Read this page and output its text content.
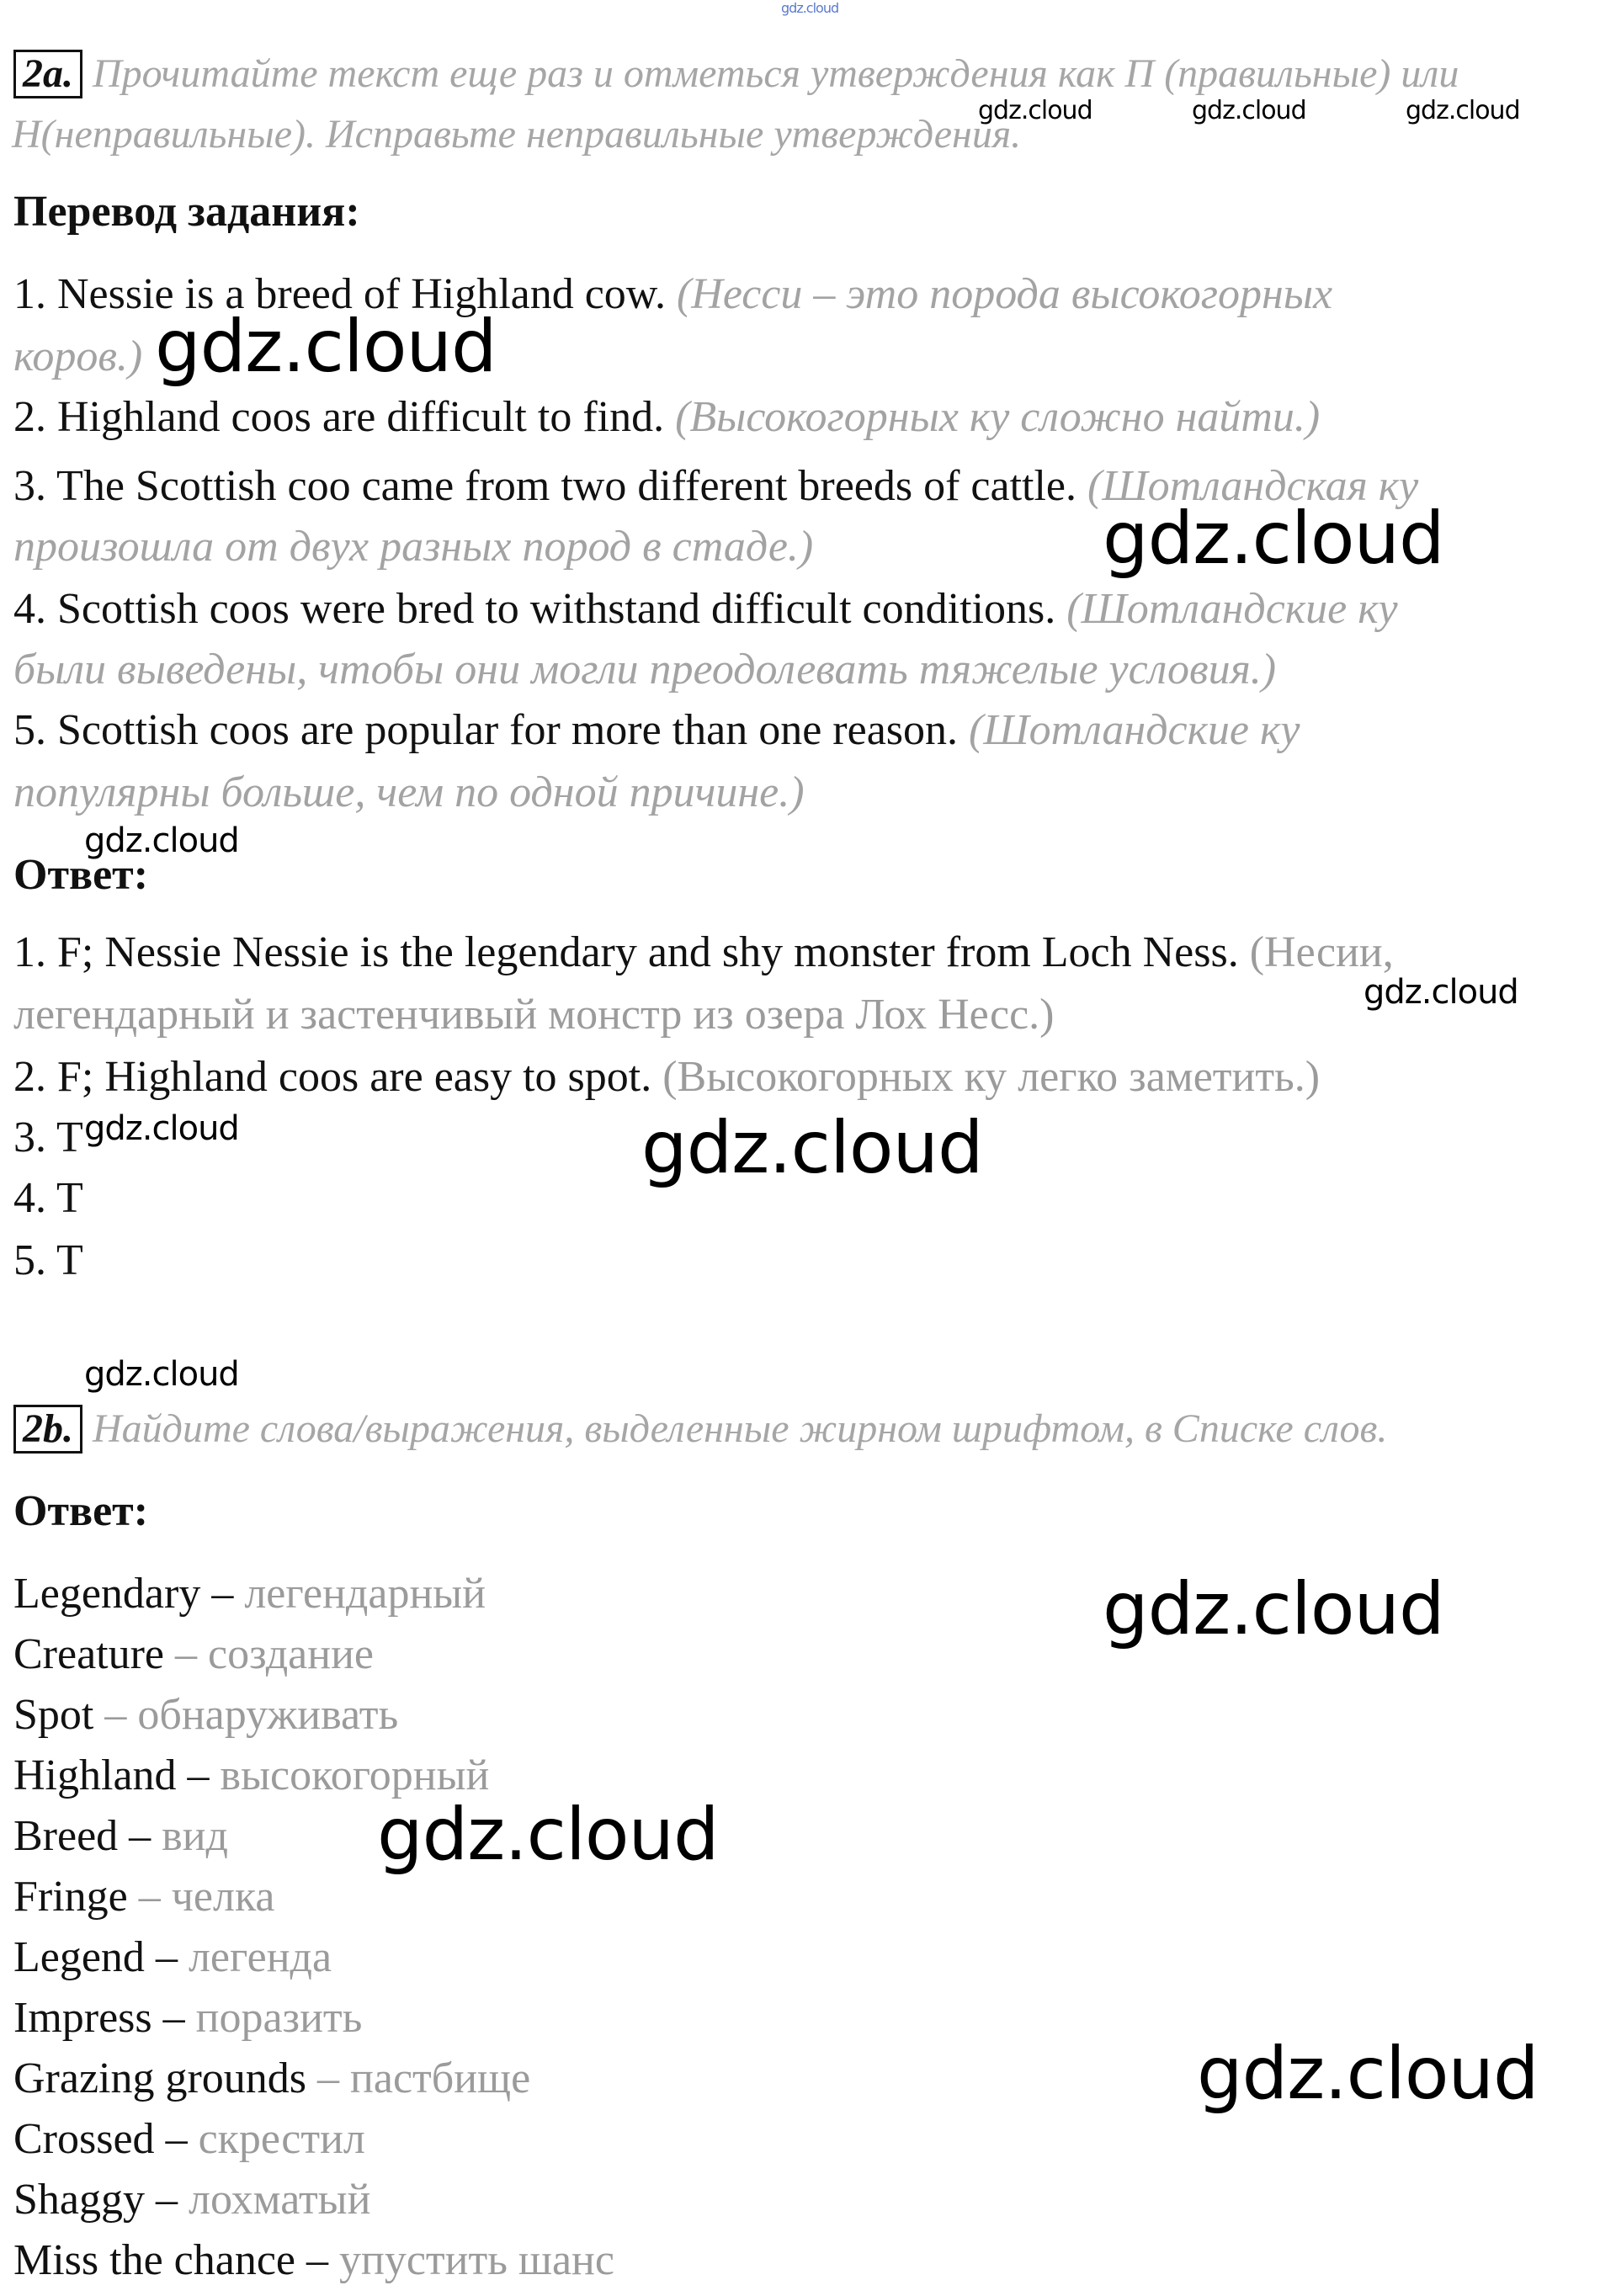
gdz.cloud
2a. Прочитайте текст еще раз и отметься утверждения как П (правильные) или
Н(неправильные). Исправьте неправильные утверждения.
gdz.cloud	gdz.cloud	gdz.cloud
Перевод задания:
1. Nessie is a breed of Highland cow. (Несси – это порода высокогорных
коров.)
2. Highland coos are difficult to find. (Высокогорных ку сложно найти.)
3. The Scottish coo came from two different breeds of cattle. (Шотландская ку
произошла от двух разных пород в стаде.)
4. Scottish coos were bred to withstand difficult conditions. (Шотландские ку
были выведены, чтобы они могли преодолевать тяжелые условия.)
5. Scottish coos are popular for more than one reason. (Шотландские ку
популярны больше, чем по одной причине.)
gdz.cloud
gdz.cloud
gdz.cloud
Ответ:
1. F; Nessie Nessie is the legendary and shy monster from Loch Ness. (Несии,
легендарный и застенчивый монстр из озера Лох Несс.)	gdz.cloud
2. F; Highland coos are easy to spot. (Высокогорных ку легко заметить.)
3. T gdz.cloud	gdz.cloud
4. T
5. T
gdz.cloud
2b. Найдите слова/выражения, выделенные жирном шрифтом, в Списке слов.
Ответ:
Legendary – легендарный
Creature – создание
Spot – обнаруживать
Highland – высокогорный
Breed – вид
Fringe – челка
Legend – легенда
Impress – поразить
Grazing grounds – пастбище
Crossed – скрестил
Shaggy – лохматый
Miss the chance – упустить шанс
gdz.cloud
gdz.cloud
gdz.cloud
